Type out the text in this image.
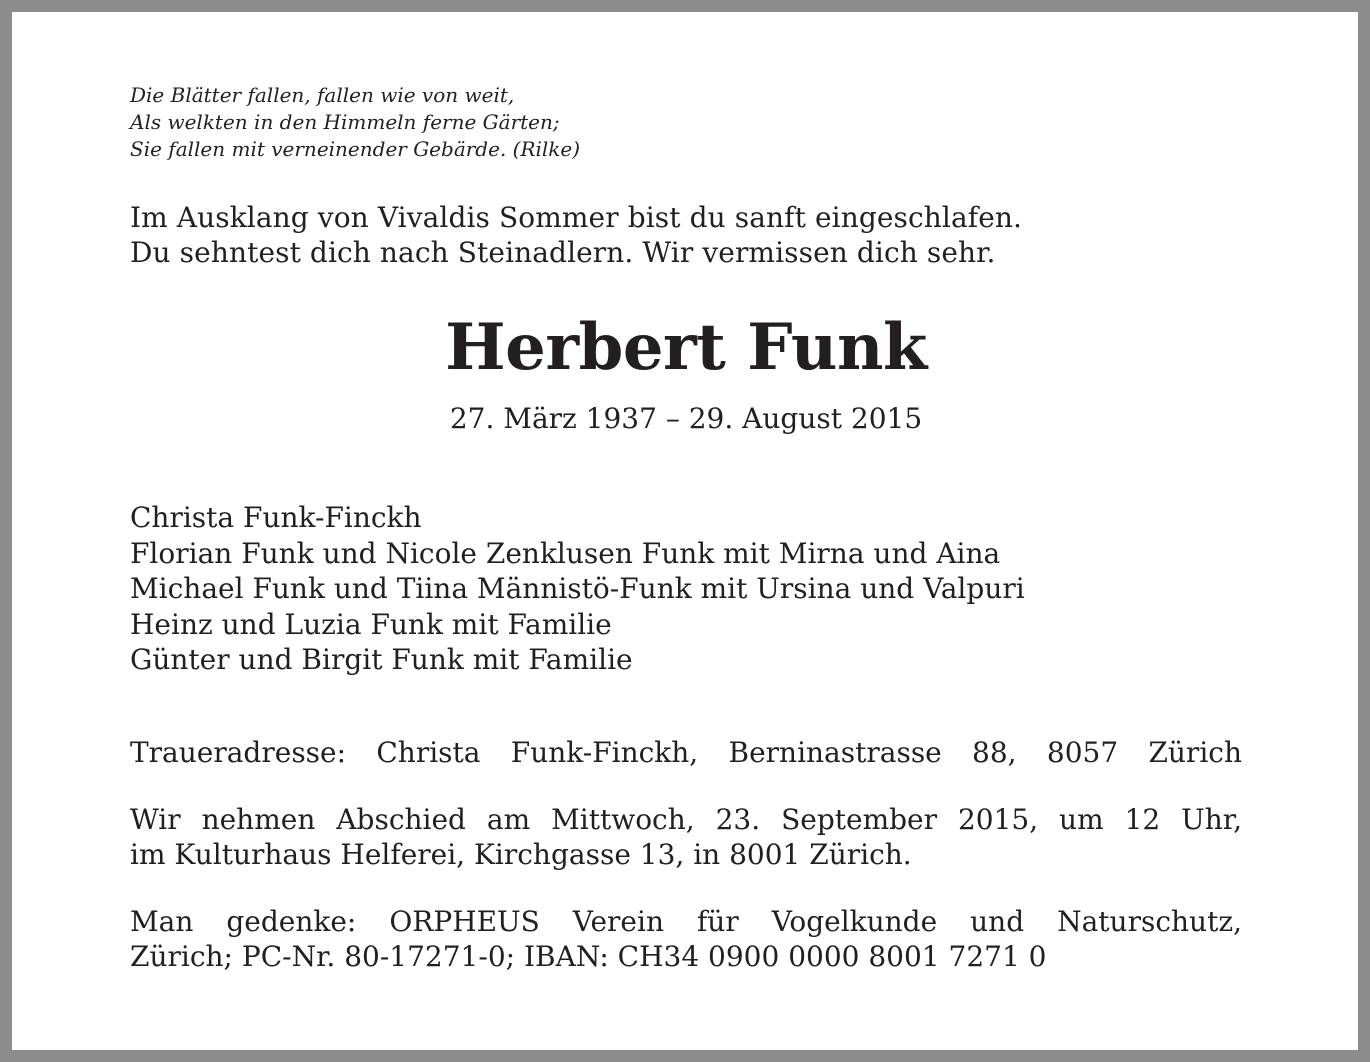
Die Blätter fallen, fallen wie von weit,
Als welkten in den Himmeln ferne Gärten;
Sie fallen mit verneinender Gebärde. (Rilke)
Im Ausklang von Vivaldis Sommer bist du sanft eingeschlafen.
Du sehntest dich nach Steinadlern. Wir vermissen dich sehr.
Herbert Funk
27. März 1937 – 29. August 2015
Christa Funk-Finckh
Florian Funk und Nicole Zenklusen Funk mit Mirna und Aina
Michael Funk und Tiina Männistö-Funk mit Ursina und Valpuri
Heinz und Luzia Funk mit Familie
Günter und Birgit Funk mit Familie
Traueradresse: Christa Funk-Finckh, Berninastrasse 88, 8057 Zürich
Wir nehmen Abschied am Mittwoch, 23. September 2015, um 12 Uhr,
im Kulturhaus Helferei, Kirchgasse 13, in 8001 Zürich.
Man gedenke: ORPHEUS Verein für Vogelkunde und Naturschutz,
Zürich; PC-Nr. 80-17271-0; IBAN: CH34 0900 0000 8001 7271 0
